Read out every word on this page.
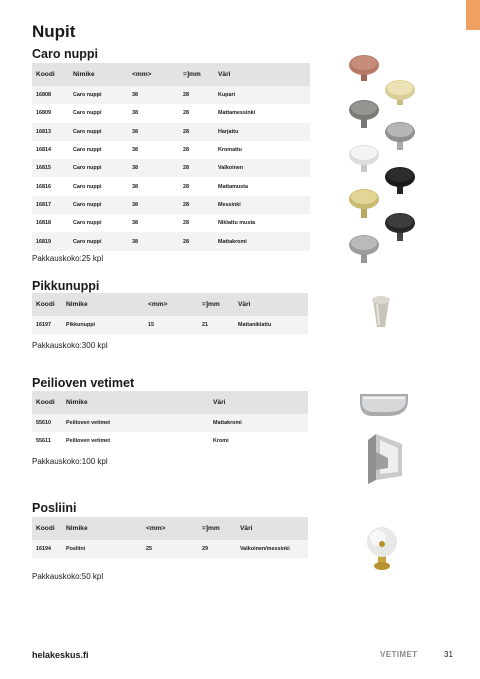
Nupit
Caro nuppi
Koodi	Nimike	<mm>	=]mm	Väri
16808	Caro nuppi	38	28	Kupari
16809	Caro nuppi	38	28	Mattamessinki
16813	Caro nuppi	38	28	Harjattu
16814	Caro nuppi	38	28	Kromattu
16815	Caro nuppi	38	28	Valkoinen
16816	Caro nuppi	38	28	Mattamusta
16817	Caro nuppi	38	28	Messinki
16818	Caro nuppi	38	28	Niklattu musta
16819	Caro nuppi	38	28	Mattakromi
Pakkauskoko:25 kpl
Pikkunuppi
Koodi	Nimike	<mm>	=]mm	Väri
16197	Pikkunuppi	15	21	Mattaniklattu
Pakkauskoko:300 kpl
Peilioven vetimet
Koodi	Nimike	Väri
55610	Peilioven vetimet	Mattakromi
55611	Peilioven vetimet	Kromi
Pakkauskoko:100 kpl
Posliini
Koodi	Nimike	<mm>	=]mm	Väri
16194	Posliini	25	29	Valkoinen/messinki
Pakkauskoko:50 kpl
helakeskus.fi	VETIMET	31
